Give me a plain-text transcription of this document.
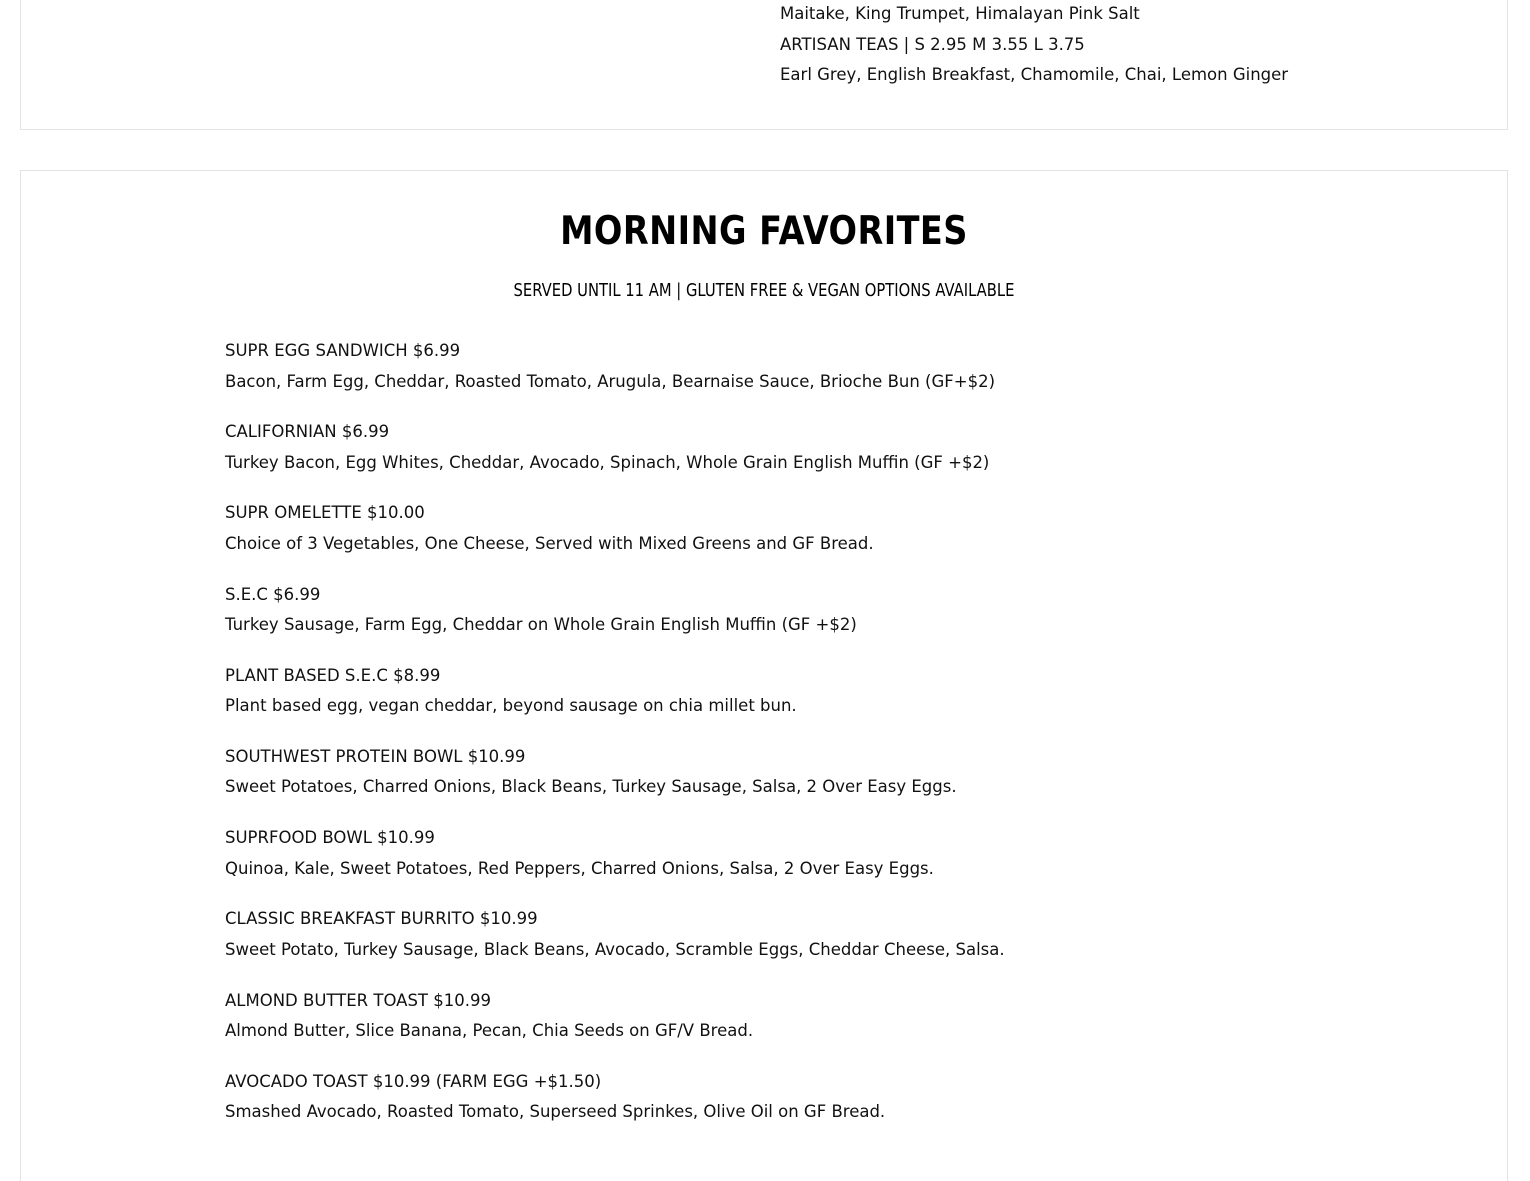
Maitake, King Trumpet, Himalayan Pink Salt
ARTISAN TEAS | S 2.95 M 3.55 L 3.75
Earl Grey, English Breakfast, Chamomile, Chai, Lemon Ginger
MORNING FAVORITES
SERVED UNTIL 11 AM | GLUTEN FREE & VEGAN OPTIONS AVAILABLE
SUPR EGG SANDWICH $6.99
Bacon, Farm Egg, Cheddar, Roasted Tomato, Arugula, Bearnaise Sauce, Brioche Bun (GF+$2)
CALIFORNIAN $6.99
Turkey Bacon, Egg Whites, Cheddar, Avocado, Spinach, Whole Grain English Muffin (GF +$2)
SUPR OMELETTE $10.00
Choice of 3 Vegetables, One Cheese, Served with Mixed Greens and GF Bread.
S.E.C $6.99
Turkey Sausage, Farm Egg, Cheddar on Whole Grain English Muffin (GF +$2)
PLANT BASED S.E.C $8.99
Plant based egg, vegan cheddar, beyond sausage on chia millet bun.
SOUTHWEST PROTEIN BOWL $10.99
Sweet Potatoes, Charred Onions, Black Beans, Turkey Sausage, Salsa, 2 Over Easy Eggs.
SUPRFOOD BOWL $10.99
Quinoa, Kale, Sweet Potatoes, Red Peppers, Charred Onions, Salsa, 2 Over Easy Eggs.
CLASSIC BREAKFAST BURRITO $10.99
Sweet Potato, Turkey Sausage, Black Beans, Avocado, Scramble Eggs, Cheddar Cheese, Salsa.
ALMOND BUTTER TOAST $10.99
Almond Butter, Slice Banana, Pecan, Chia Seeds on GF/V Bread.
AVOCADO TOAST $10.99 (FARM EGG +$1.50)
Smashed Avocado, Roasted Tomato, Superseed Sprinkes, Olive Oil on GF Bread.
